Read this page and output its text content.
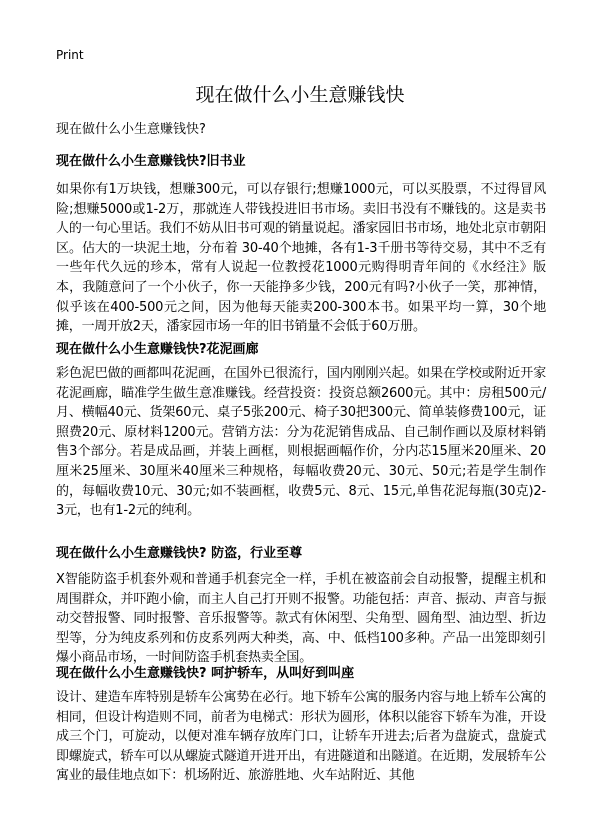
Print
现在做什么小生意赚钱快
现在做什么小生意赚钱快?
现在做什么小生意赚钱快?旧书业

如果你有1万块钱，想赚300元，可以存银行;想赚1000元，可以买股票，不过得冒风险;想赚5000或1-2万，那就连人带钱投进旧书市场。卖旧书没有不赚钱的。这是卖书人的一句心里话。我们不妨从旧书可观的销量说起。潘家园旧书市场，地处北京市朝阳区。佔大的一块泥土地，分布着 30-40个地摊，各有1-3千册书等待交易，其中不乏有一些年代久远的珍本，常有人说起一位教授花1000元购得明青年间的《水经注》版本，我随意问了一个小伙子，你一天能挣多少钱，200元有吗?小伙子一笑，那神情，似乎该在400-500元之间，因为他每天能卖200-300本书。如果平均一算，30个地摊，一周开放2天，潘家园市场一年的旧书销量不会低于60万册。

现在做什么小生意赚钱快?花泥画廊

彩色泥巴做的画都叫花泥画，在国外已很流行，国内刚刚兴起。如果在学校或附近开家花泥画廊，瞄准学生做生意准赚钱。经营投资：投资总额2600元。其中：房租500元/月、横幅40元、货架60元、桌子5张200元、椅子30把300元、简单装修费100元，证照费20元、原材料1200元。营销方法：分为花泥销售成品、自己制作画以及原材料销售3个部分。若是成品画，并装上画框，则根据画幅作价，分内芯15厘米20厘米、20厘米25厘米、30厘米40厘米三种规格，每幅收费20元、30元、50元;若是学生制作的，每幅收费10元、30元;如不装画框，收费5元、8元、15元,单售花泥每瓶(30克)2-3元，也有1-2元的纯利。

现在做什么小生意赚钱快? 防盗，行业至尊

X智能防盗手机套外观和普通手机套完全一样，手机在被盗前会自动报警，提醒主机和周围群众，并吓跑小偷，而主人自己打开则不报警。功能包括：声音、振动、声音与振动交替报警、同时报警、音乐报警等。款式有休闲型、尖角型、圆角型、油边型、折边型等，分为纯皮系列和仿皮系列两大种类，高、中、低档100多种。产品一出笼即刻引爆小商品市场，一时间防盗手机套热卖全国。

现在做什么小生意赚钱快? 呵护轿车，从叫好到叫座

设计、建造车库特别是轿车公寓势在必行。地下轿车公寓的服务内容与地上轿车公寓的相同，但设计构造则不同，前者为电梯式：形状为圆形，体积以能容下轿车为准，开设成三个门，可旋动，以便对准车辆存放库门口，让轿车开进去;后者为盘旋式，盘旋式即螺旋式，轿车可以从螺旋式隧道开进开出，有进隧道和出隧道。在近期，发展轿车公寓业的最佳地点如下：机场附近、旅游胜地、火车站附近、其他
